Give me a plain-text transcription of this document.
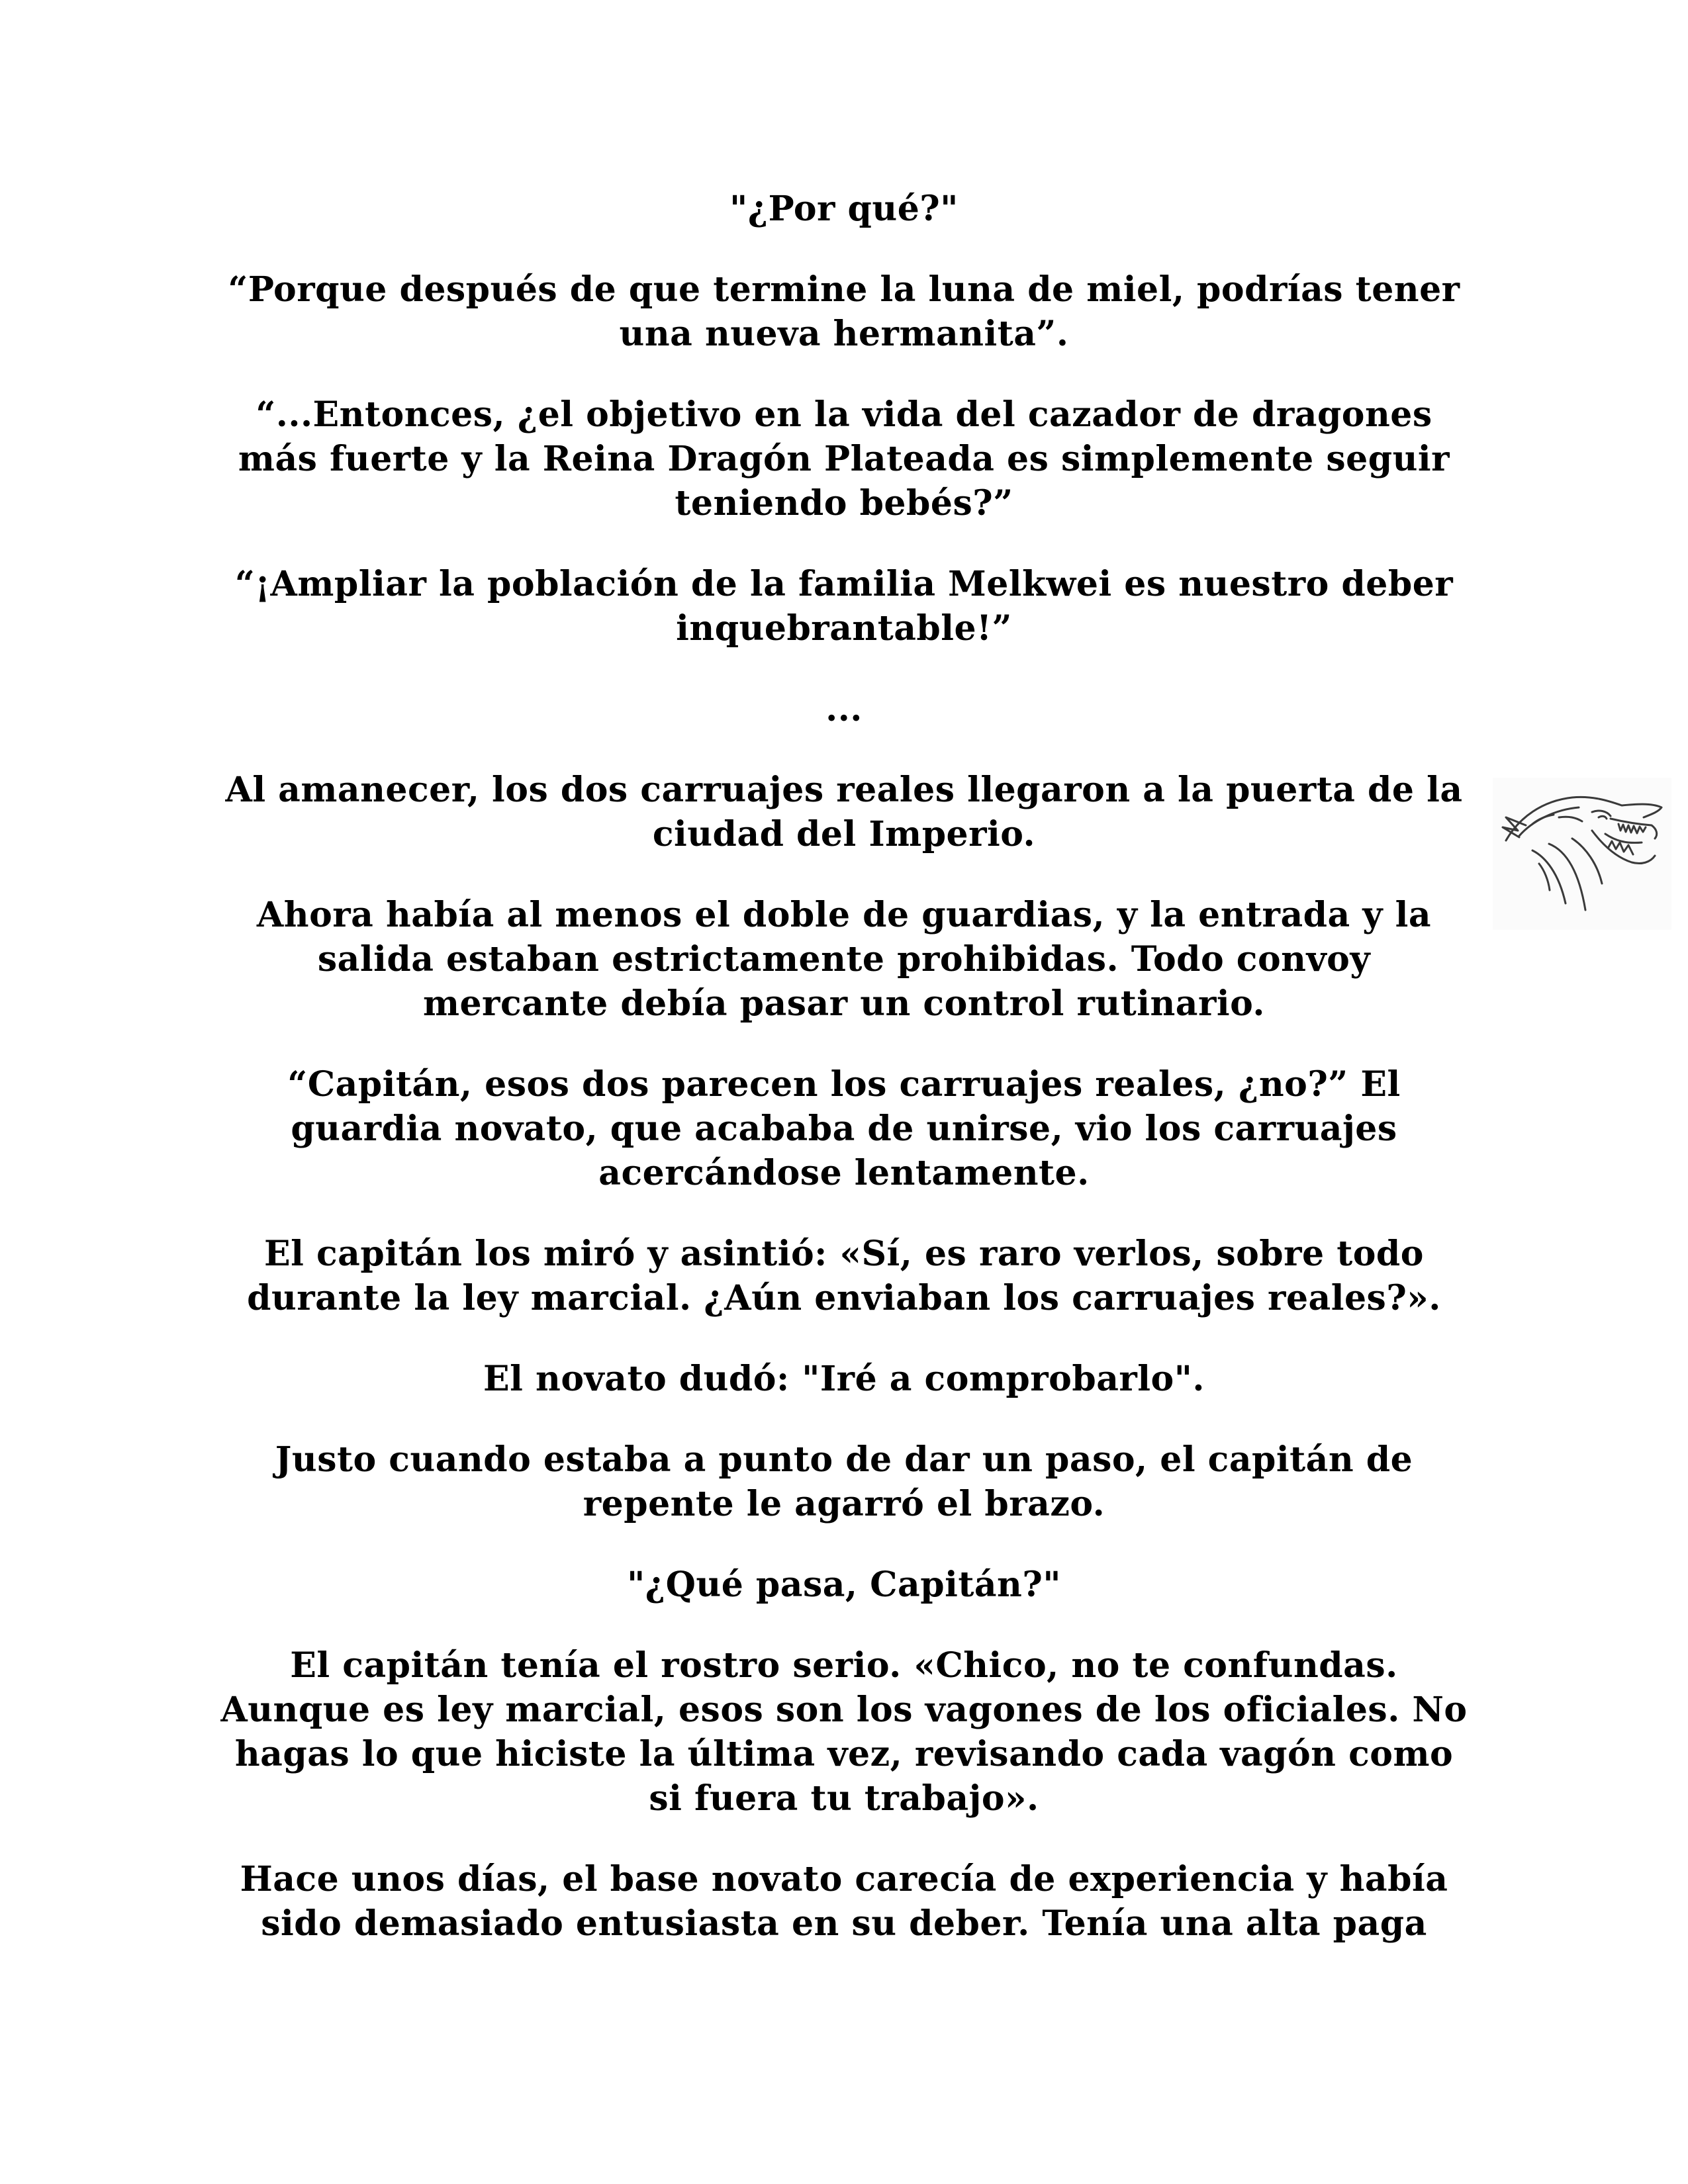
"¿Por qué?"
“Porque después de que termine la luna de miel, podrías tener
una nueva hermanita”.
“...Entonces, ¿el objetivo en la vida del cazador de dragones
más fuerte y la Reina Dragón Plateada es simplemente seguir
teniendo bebés?”
“¡Ampliar la población de la familia Melkwei es nuestro deber
inquebrantable!”
...
Al amanecer, los dos carruajes reales llegaron a la puerta de la
ciudad del Imperio.
Ahora había al menos el doble de guardias, y la entrada y la
salida estaban estrictamente prohibidas. Todo convoy
mercante debía pasar un control rutinario.
“Capitán, esos dos parecen los carruajes reales, ¿no?” El
guardia novato, que acababa de unirse, vio los carruajes
acercándose lentamente.
El capitán los miró y asintió: «Sí, es raro verlos, sobre todo
durante la ley marcial. ¿Aún enviaban los carruajes reales?».
El novato dudó: "Iré a comprobarlo".
Justo cuando estaba a punto de dar un paso, el capitán de
repente le agarró el brazo.
"¿Qué pasa, Capitán?"
El capitán tenía el rostro serio. «Chico, no te confundas.
Aunque es ley marcial, esos son los vagones de los oficiales. No
hagas lo que hiciste la última vez, revisando cada vagón como
si fuera tu trabajo».
Hace unos días, el base novato carecía de experiencia y había
sido demasiado entusiasta en su deber. Tenía una alta paga
